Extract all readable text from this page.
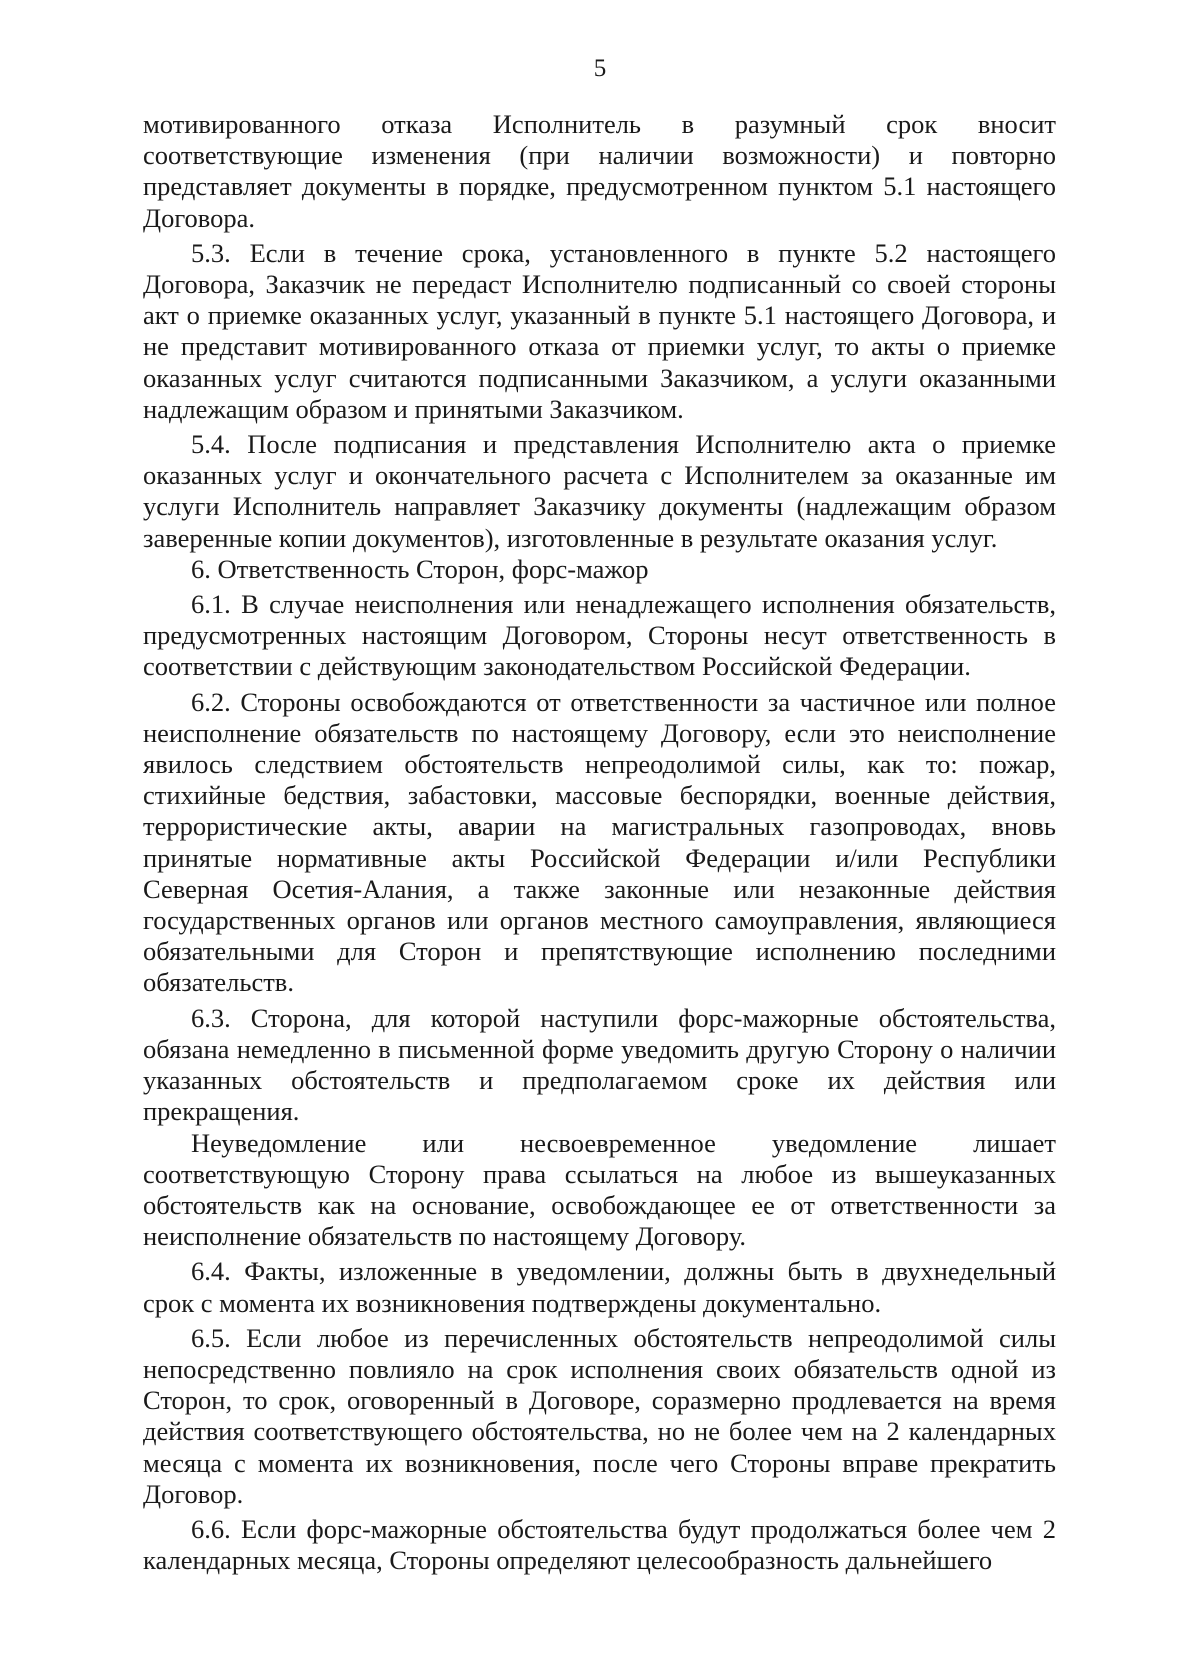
5

мотивированного отказа Исполнитель в разумный срок вносит соответствующие изменения (при наличии возможности) и повторно представляет документы в порядке, предусмотренном пунктом 5.1 настоящего Договора.

5.3. Если в течение срока, установленного в пункте 5.2 настоящего Договора, Заказчик не передаст Исполнителю подписанный со своей стороны акт о приемке оказанных услуг, указанный в пункте 5.1 настоящего Договора, и не представит мотивированного отказа от приемки услуг, то акты о приемке оказанных услуг считаются подписанными Заказчиком, а услуги оказанными надлежащим образом и принятыми Заказчиком.

5.4. После подписания и представления Исполнителю акта о приемке оказанных услуг и окончательного расчета с Исполнителем за оказанные им услуги Исполнитель направляет Заказчику документы (надлежащим образом заверенные копии документов), изготовленные в результате оказания услуг.

6. Ответственность Сторон, форс-мажор

6.1. В случае неисполнения или ненадлежащего исполнения обязательств, предусмотренных настоящим Договором, Стороны несут ответственность в соответствии с действующим законодательством Российской Федерации.

6.2. Стороны освобождаются от ответственности за частичное или полное неисполнение обязательств по настоящему Договору, если это неисполнение явилось следствием обстоятельств непреодолимой силы, как то: пожар, стихийные бедствия, забастовки, массовые беспорядки, военные действия, террористические акты, аварии на магистральных газопроводах, вновь принятые нормативные акты Российской Федерации и/или Республики Северная Осетия-Алания, а также законные или незаконные действия государственных органов или органов местного самоуправления, являющиеся обязательными для Сторон и препятствующие исполнению последними обязательств.

6.3. Сторона, для которой наступили форс-мажорные обстоятельства, обязана немедленно в письменной форме уведомить другую Сторону о наличии указанных обстоятельств и предполагаемом сроке их действия или прекращения.

Неуведомление или несвоевременное уведомление лишает соответствующую Сторону права ссылаться на любое из вышеуказанных обстоятельств как на основание, освобождающее ее от ответственности за неисполнение обязательств по настоящему Договору.

6.4. Факты, изложенные в уведомлении, должны быть в двухнедельный срок с момента их возникновения подтверждены документально.

6.5. Если любое из перечисленных обстоятельств непреодолимой силы непосредственно повлияло на срок исполнения своих обязательств одной из Сторон, то срок, оговоренный в Договоре, соразмерно продлевается на время действия соответствующего обстоятельства, но не более чем на 2 календарных месяца с момента их возникновения, после чего Стороны вправе прекратить Договор.

6.6. Если форс-мажорные обстоятельства будут продолжаться более чем 2 календарных месяца, Стороны определяют целесообразность дальнейшего
